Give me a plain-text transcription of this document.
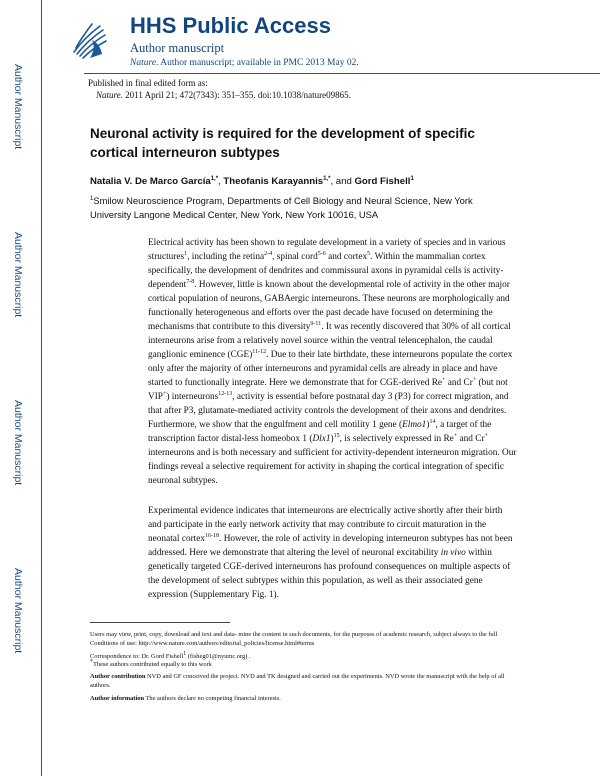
Author Manuscript
Author Manuscript
Author Manuscript
Author Manuscript
HHS Public Access
Author manuscript
Nature. Author manuscript; available in PMC 2013 May 02.
Published in final edited form as:
Nature. 2011 April 21; 472(7343): 351–355. doi:10.1038/nature09865.
Neuronal activity is required for the development of specific cortical interneuron subtypes
Natalia V. De Marco García$^{1,*}$, Theofanis Karayannis$^{1,*}$, and Gord Fishell$^1$
$^1$Smilow Neuroscience Program, Departments of Cell Biology and Neural Science, New York University Langone Medical Center, New York, New York 10016, USA

Electrical activity has been shown to regulate development in a variety of species and in various structures$^1$, including the retina$^{2-4}$, spinal cord$^{5-6}$ and cortex$^5$. Within the mammalian cortex specifically, the development of dendrites and commissural axons in pyramidal cells is activity-dependent$^{7-8}$. However, little is known about the developmental role of activity in the other major cortical population of neurons, GABAergic interneurons. These neurons are morphologically and functionally heterogeneous and efforts over the past decade have focused on determining the mechanisms that contribute to this diversity$^{9-11}$. It was recently discovered that 30% of all cortical interneurons arise from a relatively novel source within the ventral telencephalon, the caudal ganglionic eminence (CGE)$^{11-12}$. Due to their late birthdate, these interneurons populate the cortex only after the majority of other interneurons and pyramidal cells are already in place and have started to functionally integrate. Here we demonstrate that for CGE-derived Re+ and Cr+ (but not VIP+) interneurons$^{12-13}$, activity is essential before postnatal day 3 (P3) for correct migration, and that after P3, glutamate-mediated activity controls the development of their axons and dendrites. Furthermore, we show that the engulfment and cell motility 1 gene (Elmo1)$^{14}$, a target of the transcription factor distal-less homeobox 1 $(Dlx1)^{15}$, is selectively expressed in Re+ and Cr+ interneurons and is both necessary and sufficient for activity-dependent interneuron migration. Our findings reveal a selective requirement for activity in shaping the cortical integration of specific neuronal subtypes.

Experimental evidence indicates that interneurons are electrically active shortly after their birth and participate in the early network activity that may contribute to circuit maturation in the neonatal cortex$^{16-18}$. However, the role of activity in developing interneuron subtypes has not been addressed. Here we demonstrate that altering the level of neuronal excitability in vivo within genetically targeted CGE-derived interneurons has profound consequences on multiple aspects of the development of select subtypes within this population, as well as their associated gene expression (Supplementary Fig. 1).

Users may view, print, copy, download and text and data- mine the content in such documents, for the purposes of academic research, subject always to the full Conditions of use: http://www.nature.com/authors/editorial_policies/license.html#terms
Correspondence to: Dr. Gord Fishell$^1$ (fisheg01@nyumc.org) .
*These authors contributed equally to this work
Author contribution NVD and GF conceived the project. NVD and TK designed and carried out the experiments. NVD wrote the manuscript with the help of all authors.
Author information The authors declare no competing financial interests.
